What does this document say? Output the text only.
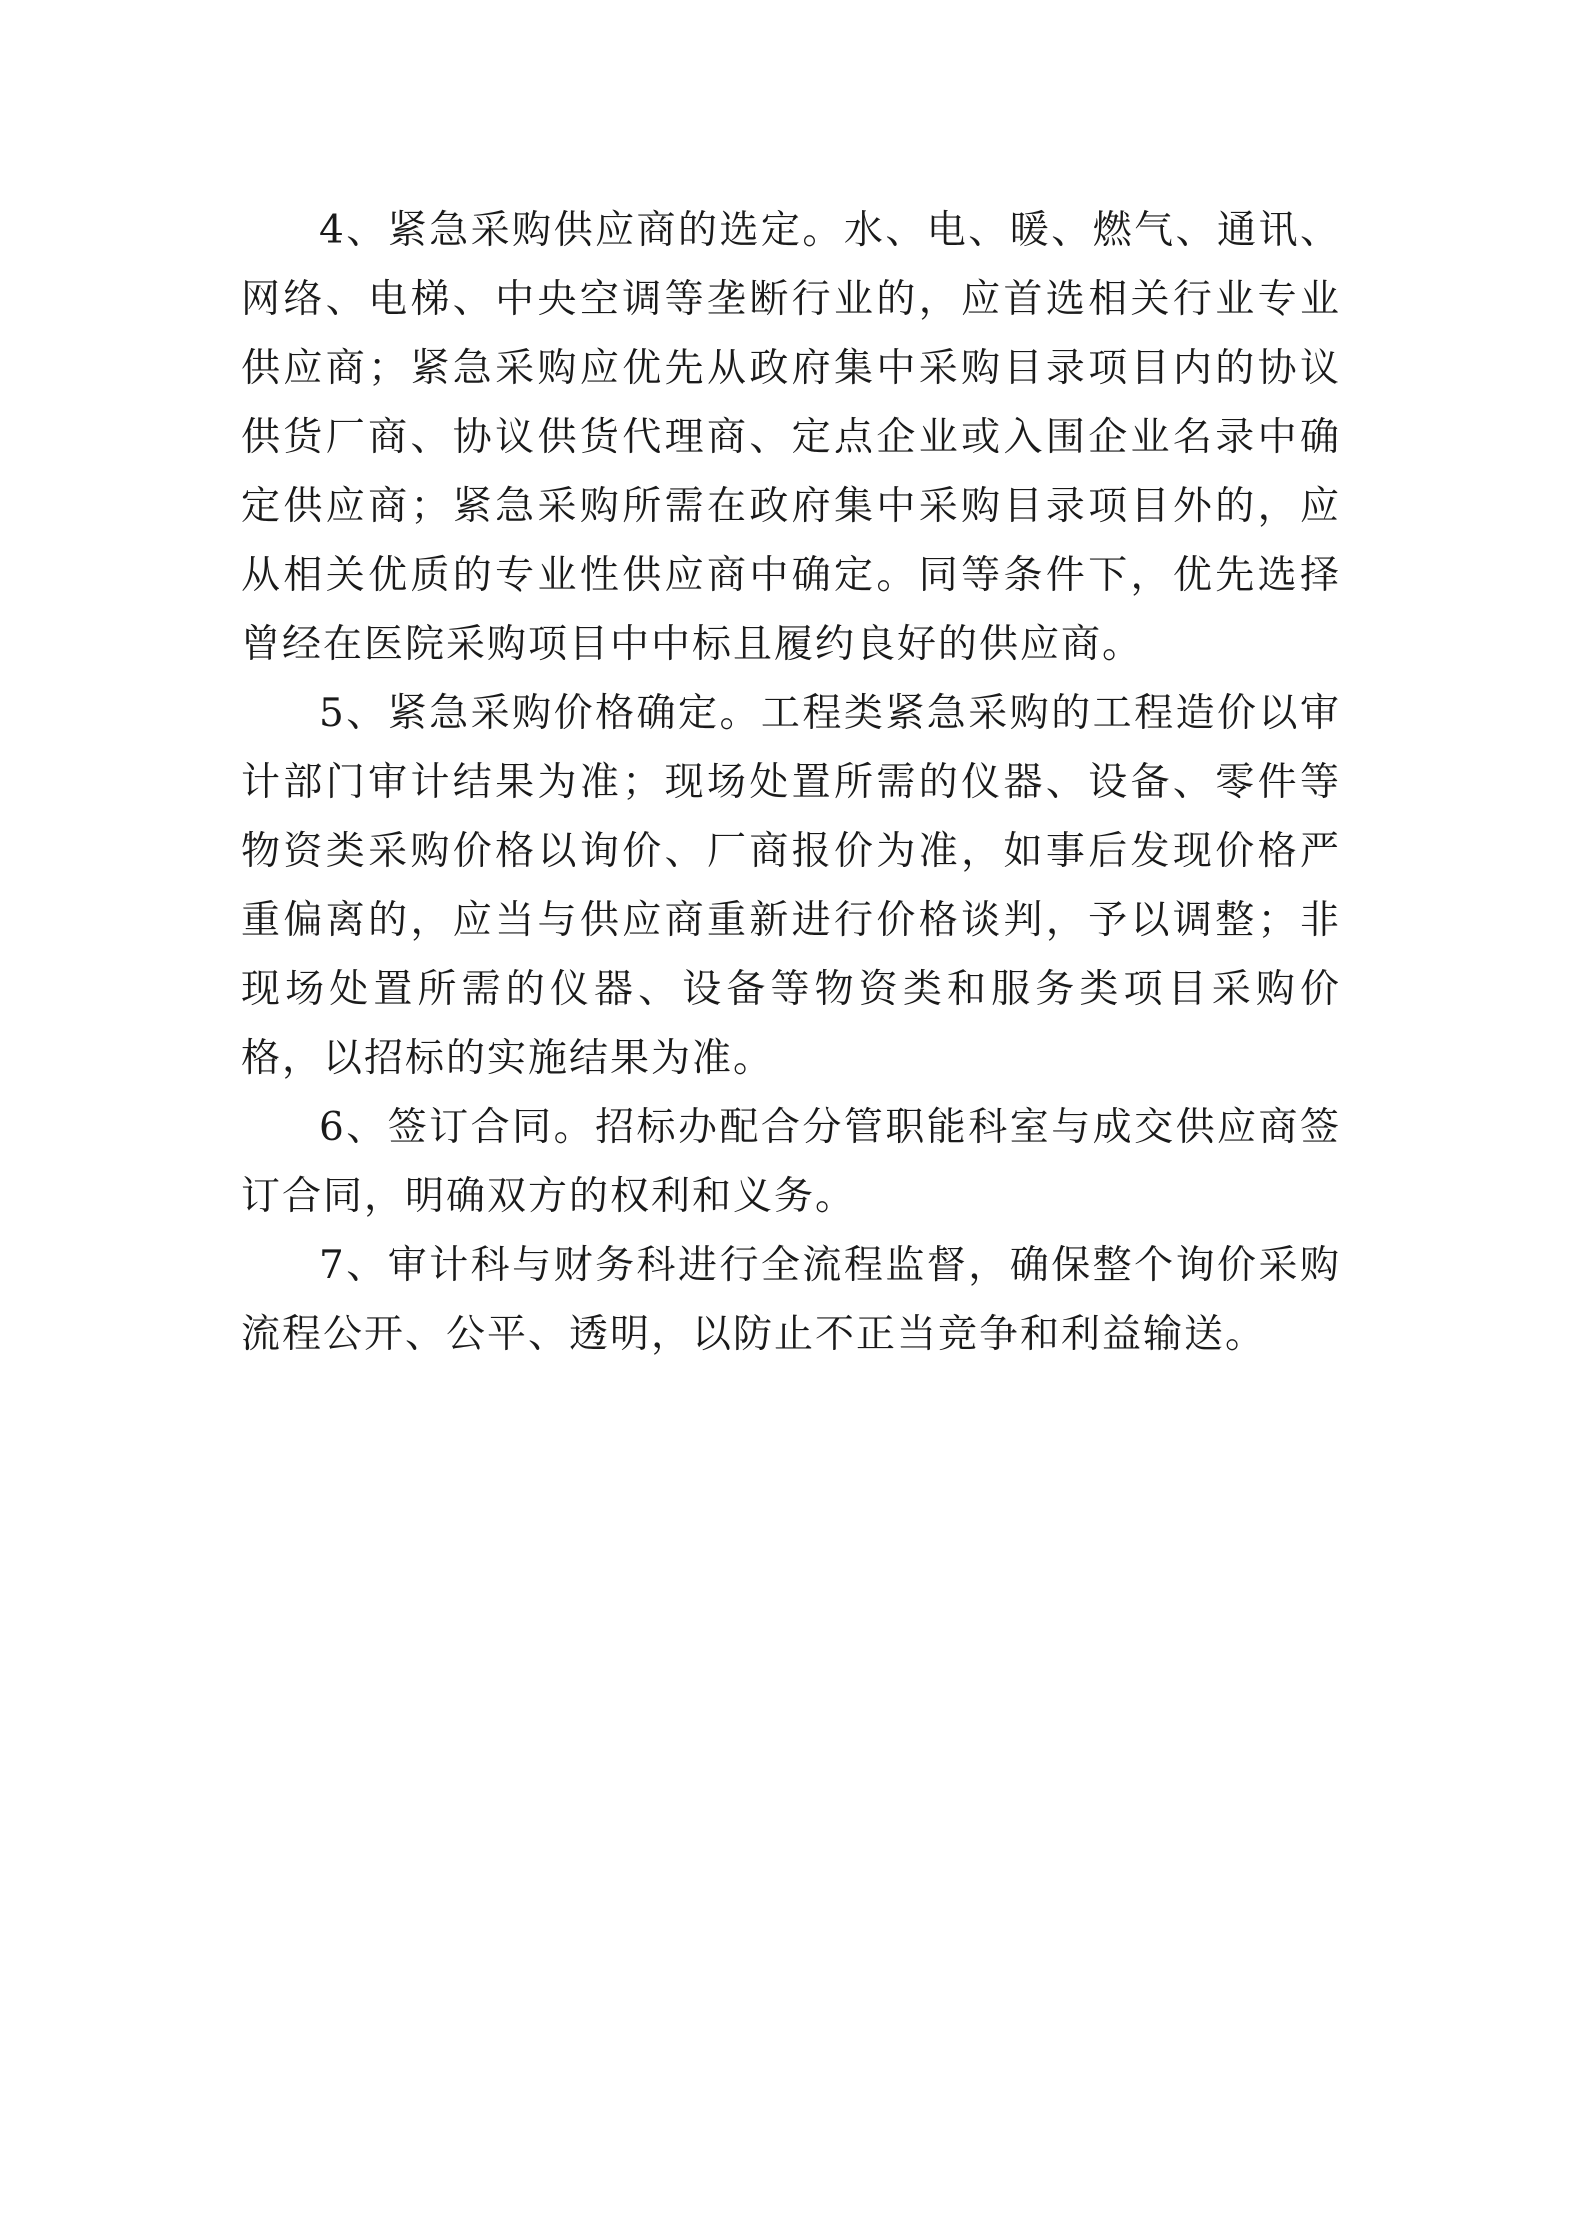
4、紧急采购供应商的选定。水、电、暖、燃气、通讯、网络、电梯、中央空调等垄断行业的，应首选相关行业专业供应商；紧急采购应优先从政府集中采购目录项目内的协议供货厂商、协议供货代理商、定点企业或入围企业名录中确定供应商；紧急采购所需在政府集中采购目录项目外的，应从相关优质的专业性供应商中确定。同等条件下，优先选择曾经在医院采购项目中中标且履约良好的供应商。

5、紧急采购价格确定。工程类紧急采购的工程造价以审计部门审计结果为准；现场处置所需的仪器、设备、零件等物资类采购价格以询价、厂商报价为准，如事后发现价格严重偏离的，应当与供应商重新进行价格谈判，予以调整；非现场处置所需的仪器、设备等物资类和服务类项目采购价格，以招标的实施结果为准。

6、签订合同。招标办配合分管职能科室与成交供应商签订合同，明确双方的权利和义务。

7、审计科与财务科进行全流程监督，确保整个询价采购流程公开、公平、透明，以防止不正当竞争和利益输送。
